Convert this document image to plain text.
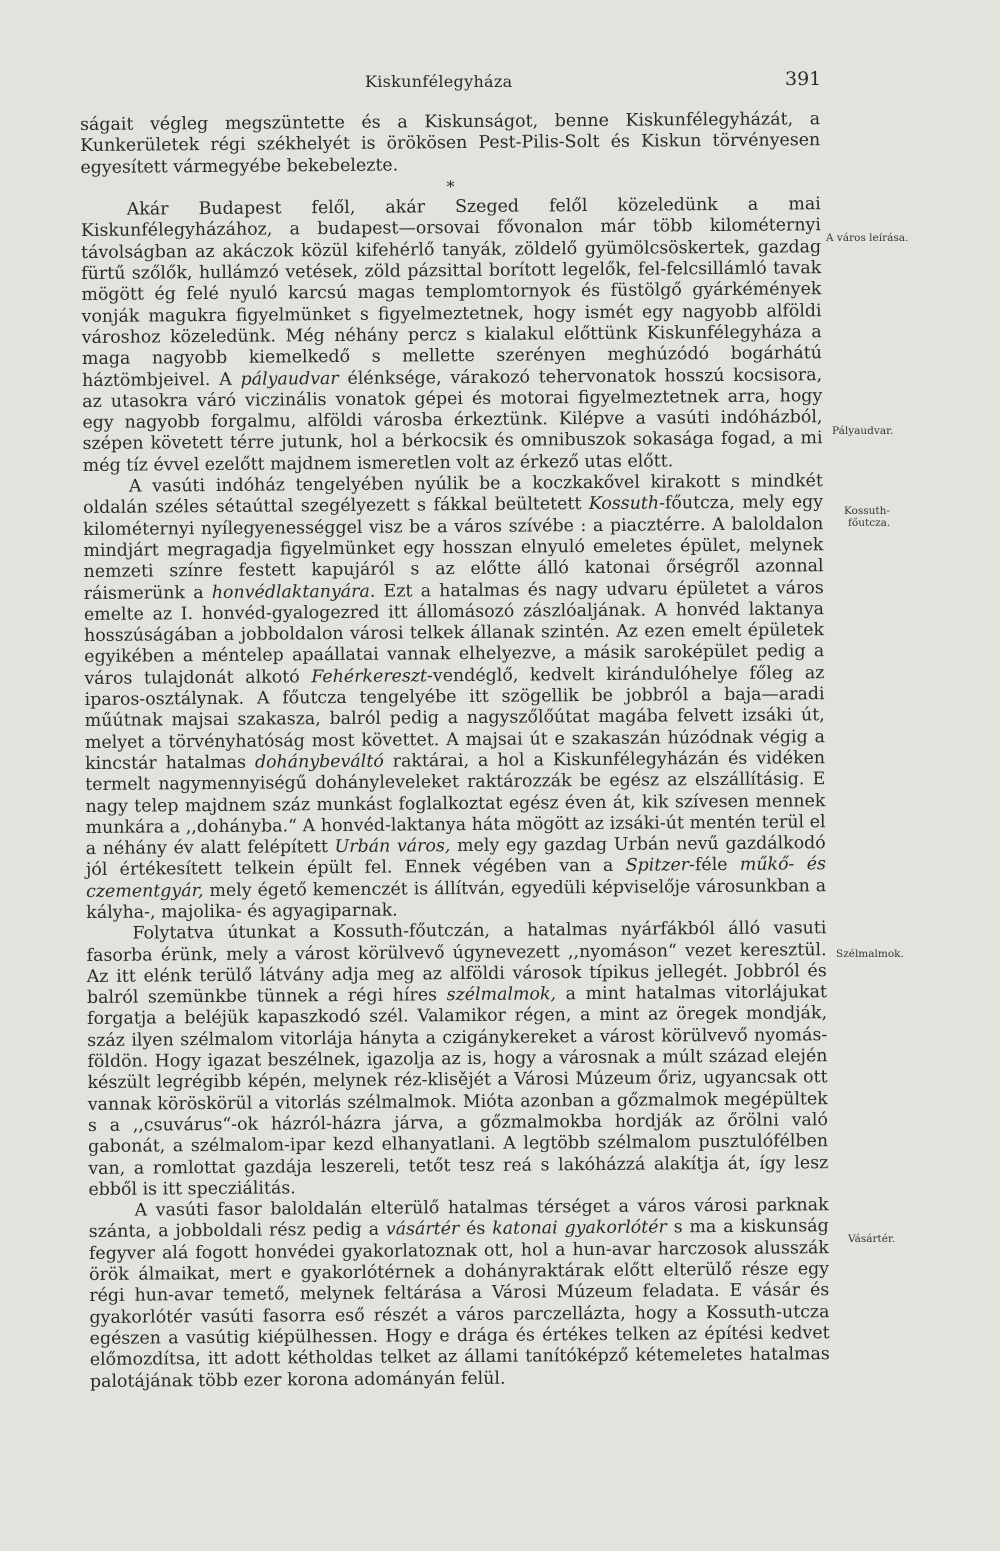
Kiskunfélegyháza	391

ságait végleg megszüntette és a Kiskunságot, benne Kiskunfélegyházát, a Kunkerületek régi székhelyét is örökösen Pest-Pilis-Solt és Kiskun törvényesen egyesített vármegyébe bekebelezte.

*

Akár Budapest felől, akár Szeged felől közeledünk a mai Kiskunfélegyházához, a budapest—orsovai fővonalon már több kilométernyi távolságban az akáczok közül kifehérlő tanyák, zöldelő gyümölcsöskertek, gazdag fürtű szőlők, hullámzó vetések, zöld pázsittal borított legelők, fel-felcsillámló tavak mögött ég felé nyuló karcsú magas templomtornyok és füstölgő gyárkémények vonják magukra figyelmünket s figyelmeztetnek, hogy ismét egy nagyobb alföldi városhoz közeledünk. Még néhány percz s kialakul előttünk Kiskunfélegyháza a maga nagyobb kiemelkedő s mellette szerényen meghúzódó bogárhátú háztömbjeivel. A pályaudvar élénksége, várakozó tehervonatok hosszú kocsisora, az utasokra váró viczinális vonatok gépei és motorai figyelmeztetnek arra, hogy egy nagyobb forgalmu, alföldi városba érkeztünk. Kilépve a vasúti indóházból, szépen követett térre jutunk, hol a bérkocsik és omnibuszok sokasága fogad, a mi még tíz évvel ezelőtt majdnem ismeretlen volt az érkező utas előtt.

A vasúti indóház tengelyében nyúlik be a koczkakővel kirakott s mindkét oldalán széles sétaúttal szegélyezett s fákkal beültetett Kossuth-főutcza, mely egy kilométernyi nyílegyenességgel visz be a város szívébe : a piacztérre. A baloldalon mindjárt megragadja figyelmünket egy hosszan elnyuló emeletes épület, melynek nemzeti színre festett kapujáról s az előtte álló katonai őrségről azonnal ráismerünk a honvédlaktanyára. Ezt a hatalmas és nagy udvaru épületet a város emelte az I. honvéd-gyalogezred itt állomásozó zászlóaljának. A honvéd laktanya hosszúságában a jobboldalon városi telkek állanak szintén. Az ezen emelt épületek egyikében a méntelep apaállatai vannak elhelyezve, a másik saroképület pedig a város tulajdonát alkotó Fehérkereszt-vendéglő, kedvelt kirándulóhelye főleg az iparos-osztálynak. A főutcza tengelyébe itt szögellik be jobbról a baja—aradi műútnak majsai szakasza, balról pedig a nagyszőlőútat magába felvett izsáki út, melyet a törvényhatóság most követtet. A majsai út e szakaszán húzódnak végig a kincstár hatalmas dohánybeváltó raktárai, a hol a Kiskunfélegyházán és vidéken termelt nagymennyiségű dohányleveleket raktározzák be egész az elszállításig. E nagy telep majdnem száz munkást foglalkoztat egész éven át, kik szívesen mennek munkára a ,,dohányba.“ A honvéd-laktanya háta mögött az izsáki-út mentén terül el a néhány év alatt felépített Urbán város, mely egy gazdag Urbán nevű gazdálkodó jól értékesített telkein épült fel. Ennek végében van a Spitzer-féle műkő- és czementgyár, mely égető kemenczét is állítván, egyedüli képviselője városunkban a kályha-, majolika- és agyagiparnak.

Folytatva útunkat a Kossuth-főutczán, a hatalmas nyárfákból álló vasuti fasorba érünk, mely a várost körülvevő úgynevezett ,,nyomáson“ vezet keresztül. Az itt elénk terülő látvány adja meg az alföldi városok típikus jellegét. Jobbról és balról szemünkbe tünnek a régi híres szélmalmok, a mint hatalmas vitorlájukat forgatja a beléjük kapaszkodó szél. Valamikor régen, a mint az öregek mondják, száz ilyen szélmalom vitorlája hányta a czigánykereket a várost körülvevő nyomás-földön. Hogy igazat beszélnek, igazolja az is, hogy a városnak a múlt század elején készült legrégibb képén, melynek réz-klisějét a Városi Múzeum őriz, ugyancsak ott vannak köröskörül a vitorlás szélmalmok. Mióta azonban a gőzmalmok megépültek s a ,,csuvárus“-ok házról-házra járva, a gőzmalmokba hordják az őrölni való gabonát, a szélmalom-ipar kezd elhanyatlani. A legtöbb szélmalom pusztulófélben van, a romlottat gazdája leszereli, tetőt tesz reá s lakóházzá alakítja át, így lesz ebből is itt specziálitás.

A vasúti fasor baloldalán elterülő hatalmas térséget a város városi parknak szánta, a jobboldali rész pedig a vásártér és katonai gyakorlótér s ma a kiskunság fegyver alá fogott honvédei gyakorlatoznak ott, hol a hun-avar harczosok alusszák örök álmaikat, mert e gyakorlótérnek a dohányraktárak előtt elterülő része egy régi hun-avar temető, melynek feltárása a Városi Múzeum feladata. E vásár és gyakorlótér vasúti fasorra eső részét a város parczellázta, hogy a Kossuth-utcza egészen a vasútig kiépülhessen. Hogy e drága és értékes telken az építési kedvet előmozdítsa, itt adott kétholdas telket az állami tanítóképző kétemeletes hatalmas palotájának több ezer korona adományán felül.

A város leírása.
Pályaudvar.
Kossuth-
főutcza.
Szélmalmok.
Vásártér.
